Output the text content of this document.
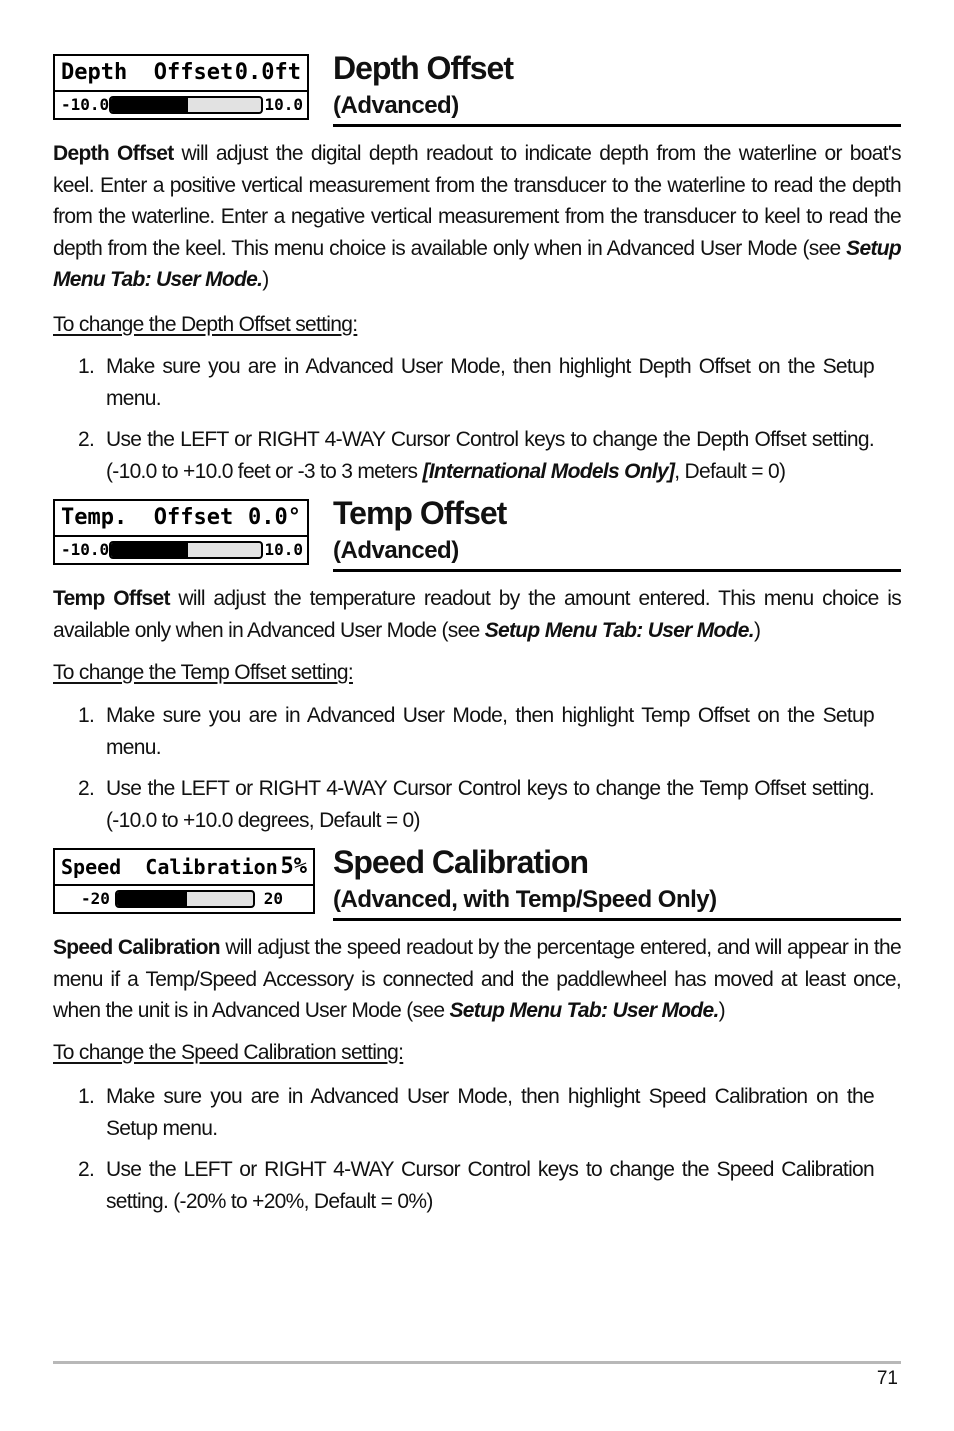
Depth  Offset 0.0ft
-10.0	10.0
Depth Offset
(Advanced)
Depth Offset will adjust the digital depth readout to indicate depth from the waterline or boat's keel. Enter a positive vertical measurement from the transducer to the waterline to read the depth from the waterline. Enter a negative vertical measurement from the transducer to keel to read the depth from the keel. This menu choice is available only when in Advanced User Mode (see Setup Menu Tab: User Mode.)
To change the Depth Offset setting:
1. Make sure you are in Advanced User Mode, then highlight Depth Offset on the Setup menu.
2. Use the LEFT or RIGHT 4-WAY Cursor Control keys to change the Depth Offset setting. (-10.0 to +10.0 feet or -3 to 3 meters [International Models Only], Default = 0)
Temp.  Offset 0.0°
-10.0	10.0
Temp Offset
(Advanced)
Temp Offset will adjust the temperature readout by the amount entered. This menu choice is available only when in Advanced User Mode (see Setup Menu Tab: User Mode.)
To change the Temp Offset setting:
1. Make sure you are in Advanced User Mode, then highlight Temp Offset on the Setup menu.
2. Use the LEFT or RIGHT 4-WAY Cursor Control keys to change the Temp Offset setting. (-10.0 to +10.0 degrees, Default = 0)
Speed  Calibration 5%
-20	20
Speed Calibration
(Advanced, with Temp/Speed Only)
Speed Calibration will adjust the speed readout by the percentage entered, and will appear in the menu if a Temp/Speed Accessory is connected and the paddlewheel has moved at least once, when the unit is in Advanced User Mode (see Setup Menu Tab: User Mode.)
To change the Speed Calibration setting:
1. Make sure you are in Advanced User Mode, then highlight Speed Calibration on the Setup menu.
2. Use the LEFT or RIGHT 4-WAY Cursor Control keys to change the Speed Calibration setting. (-20% to +20%, Default = 0%)
71
